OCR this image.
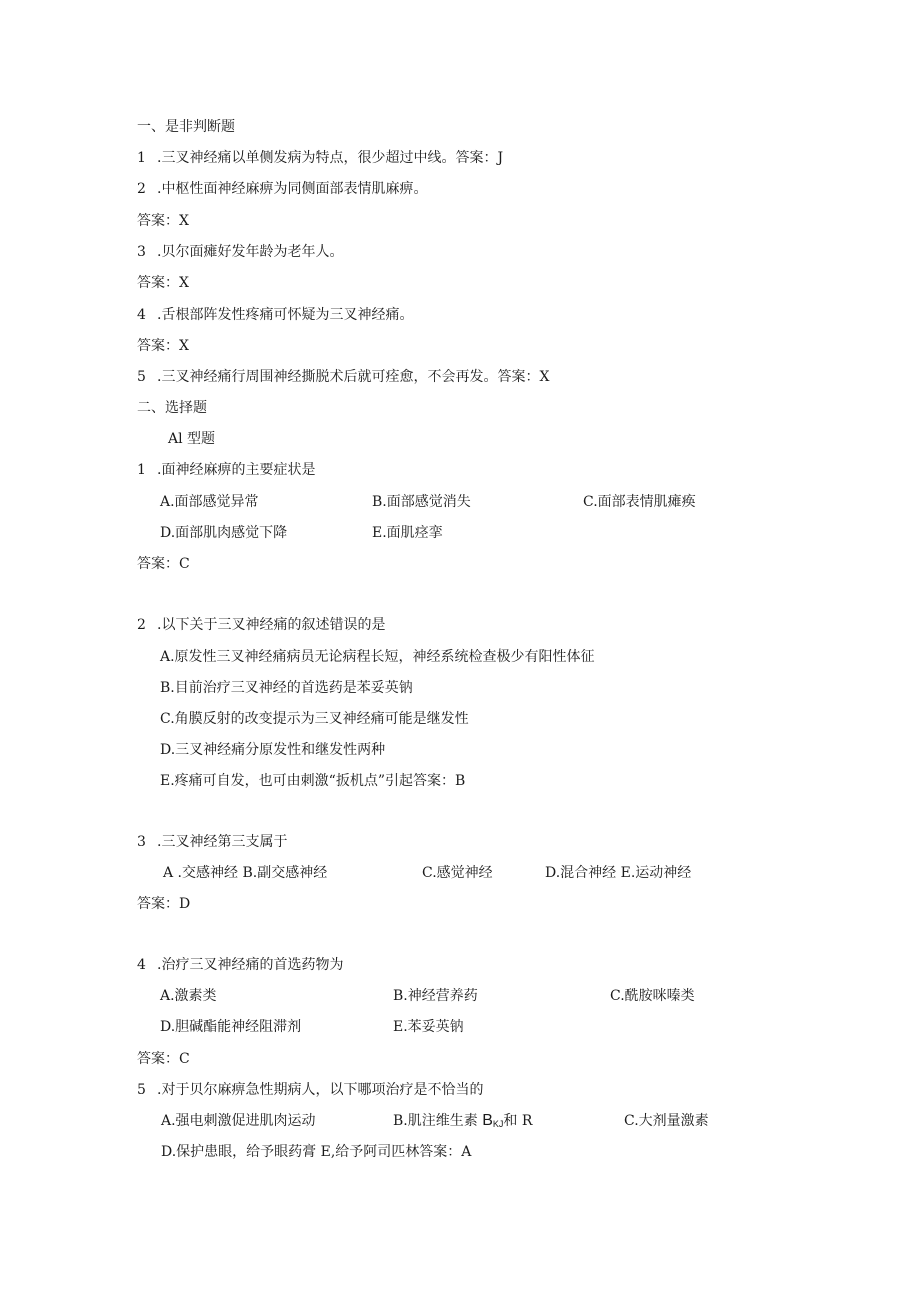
一、是非判断题
1 .三叉神经痛以单侧发病为特点，很少超过中线。答案：J
2 .中枢性面神经麻痹为同侧面部表情肌麻痹。
答案：X
3 .贝尔面瘫好发年龄为老年人。
答案：X
4 .舌根部阵发性疼痛可怀疑为三叉神经痛。
答案：X
5 .三叉神经痛行周围神经撕脱术后就可痊愈，不会再发。答案：X
二、选择题
Al 型题
1 .面神经麻痹的主要症状是
A.面部感觉异常	B.面部感觉消失	C.面部表情肌瘫痪
D.面部肌肉感觉下降	E.面肌痉挛
答案：C
2 .以下关于三叉神经痛的叙述错误的是
A.原发性三叉神经痛病员无论病程长短，神经系统检查极少有阳性体征
B.目前治疗三叉神经的首选药是苯妥英钠
C.角膜反射的改变提示为三叉神经痛可能是继发性
D.三叉神经痛分原发性和继发性两种
E.疼痛可自发，也可由刺激“扳机点”引起答案：B
3 .三叉神经第三支属于
A .交感神经 B.副交感神经	C.感觉神经	D.混合神经 E.运动神经
答案：D
4 .治疗三叉神经痛的首选药物为
A.激素类	B.神经营养药	C.酰胺咪嗪类
D.胆碱酯能神经阻滞剂	E.苯妥英钠
答案：C
5 .对于贝尔麻痹急性期病人，以下哪项治疗是不恰当的
A.强电刺激促进肌肉运动	B.肌注维生素 $B_{KJ}$和 R	C.大剂量激素
D.保护患眼，给予眼药膏 E,给予阿司匹林答案：A
